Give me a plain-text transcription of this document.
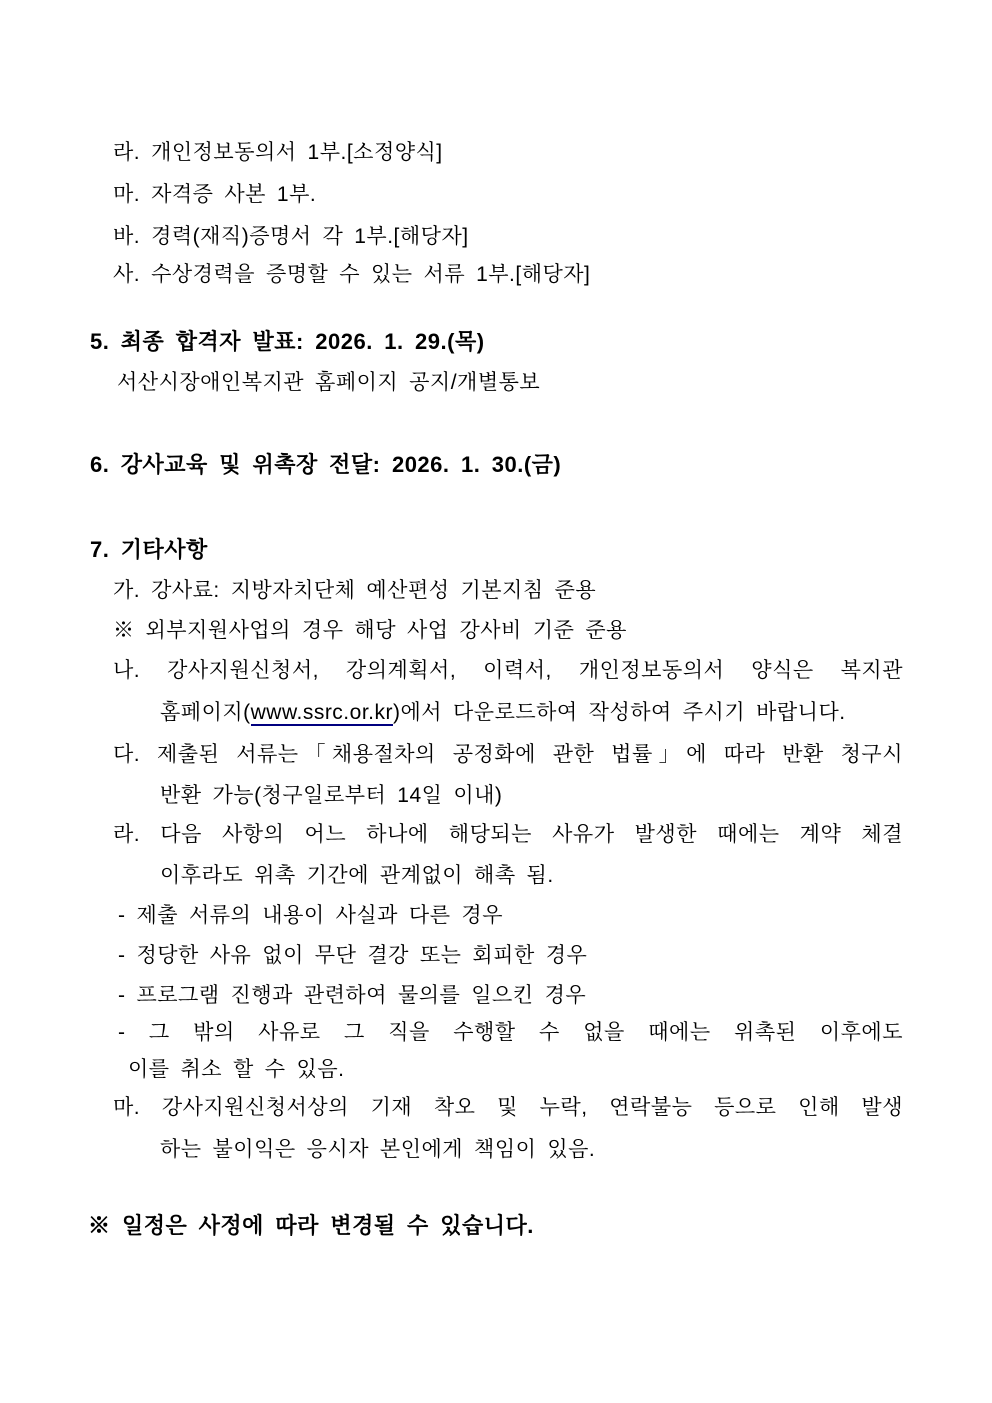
라. 개인정보동의서 1부.[소정양식]
마. 자격증 사본 1부.
바. 경력(재직)증명서 각 1부.[해당자]
사. 수상경력을 증명할 수 있는 서류 1부.[해당자]
5. 최종 합격자 발표: 2026. 1. 29.(목)
서산시장애인복지관 홈페이지 공지/개별통보
6. 강사교육 및 위촉장 전달: 2026. 1. 30.(금)
7. 기타사항
가. 강사료: 지방자치단체 예산편성 기본지침 준용
※ 외부지원사업의 경우 해당 사업 강사비 기준 준용
나. 강사지원신청서, 강의계획서, 이력서, 개인정보동의서 양식은 복지관
홈페이지(www.ssrc.or.kr)에서 다운로드하여 작성하여 주시기 바랍니다.
다. 제출된 서류는「채용절차의 공정화에 관한 법률」에 따라 반환 청구시
반환 가능(청구일로부터 14일 이내)
라. 다음 사항의 어느 하나에 해당되는 사유가 발생한 때에는 계약 체결
이후라도 위촉 기간에 관계없이 해촉 됨.
- 제출 서류의 내용이 사실과 다른 경우
- 정당한 사유 없이 무단 결강 또는 회피한 경우
- 프로그램 진행과 관련하여 물의를 일으킨 경우
- 그 밖의 사유로 그 직을 수행할 수 없을 때에는 위촉된 이후에도
이를 취소 할 수 있음.
마. 강사지원신청서상의 기재 착오 및 누락, 연락불능 등으로 인해 발생
하는 불이익은 응시자 본인에게 책임이 있음.
※ 일정은 사정에 따라 변경될 수 있습니다.
